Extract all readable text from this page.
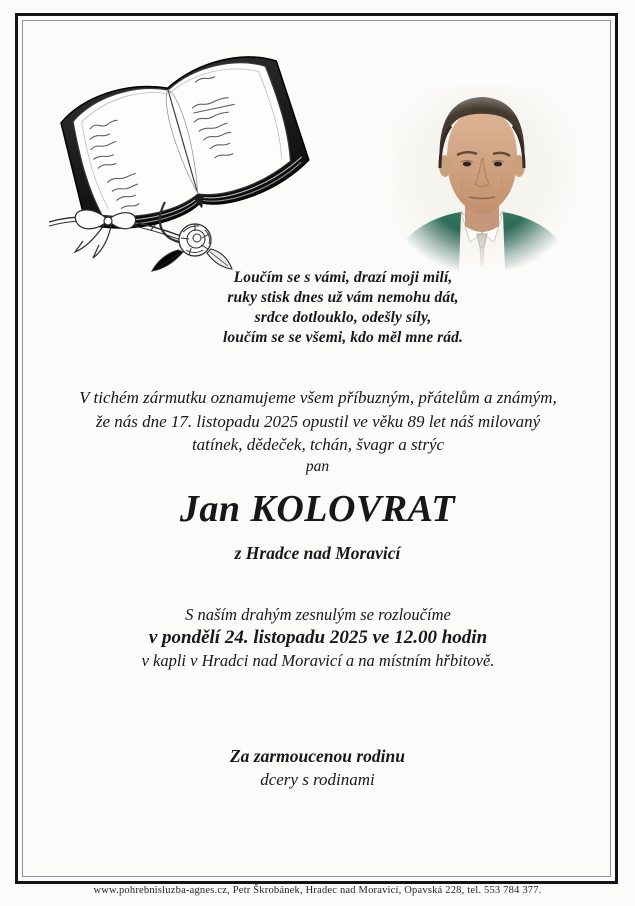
Loučím se s vámi, drazí moji milí,
ruky stisk dnes už vám nemohu dát,
srdce dotlouklo, odešly síly,
loučím se se všemi, kdo měl mne rád.
V tichém zármutku oznamujeme všem příbuzným, přátelům a známým,
že nás dne 17. listopadu 2025 opustil ve věku 89 let náš milovaný
tatínek, dědeček, tchán, švagr a strýc
pan
Jan KOLOVRAT
z Hradce nad Moravicí
S naším drahým zesnulým se rozloučíme
v pondělí 24. listopadu 2025 ve 12.00 hodin
v kapli v Hradci nad Moravicí a na místním hřbitově.
Za zarmoucenou rodinu
dcery s rodinami
www.pohrebnisluzba-agnes.cz, Petr Škrobánek, Hradec nad Moravicí, Opavská 228, tel. 553 784 377.
